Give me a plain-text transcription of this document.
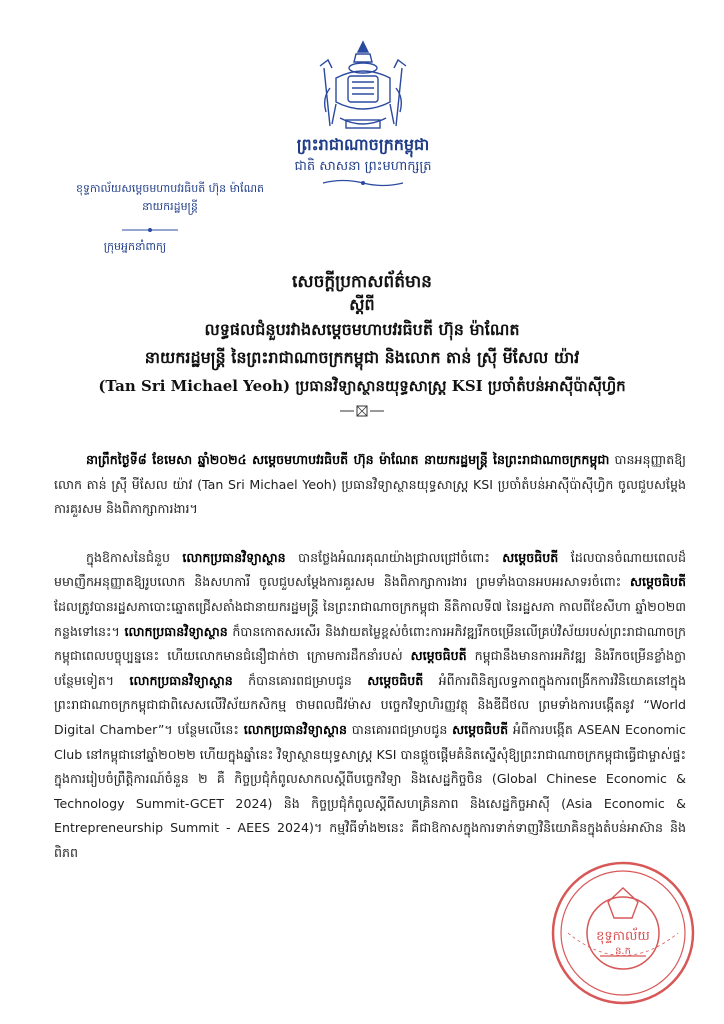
ព្រះរាជាណាចក្រកម្ពុជា
ជាតិ សាសនា ព្រះមហាក្សត្រ
ខុទ្ទកាល័យសម្តេចមហាបវរធិបតី ហ៊ុន ម៉ាណែត
នាយករដ្ឋមន្ត្រី
ក្រុមអ្នកនាំពាក្យ
សេចក្តីប្រកាសព័ត៌មាន
ស្តីពី
លទ្ធផលជំនួបរវាងសម្តេចមហាបវរធិបតី ហ៊ុន ម៉ាណែត
នាយករដ្ឋមន្ត្រី នៃព្រះរាជាណាចក្រកម្ពុជា និងលោក តាន់ ស្រ៊ី មីសែល យ៉ាវ
(Tan Sri Michael Yeoh) ប្រធានវិទ្យាស្ថានយុទ្ធសាស្ត្រ KSI ប្រចាំតំបន់អាស៊ីប៉ាស៊ីហ្វិក

នាព្រឹកថ្ងៃទី៨ ខែមេសា ឆ្នាំ២០២៤ សម្តេចមហាបវរធិបតី ហ៊ុន ម៉ាណែត នាយករដ្ឋមន្ត្រី នៃព្រះរាជាណាចក្រកម្ពុជា បានអនុញ្ញាតឱ្យ លោក តាន់ ស្រ៊ី មីសែល យ៉ាវ (Tan Sri Michael Yeoh) ប្រធានវិទ្យាស្ថានយុទ្ធសាស្ត្រ KSI ប្រចាំតំបន់អាស៊ីប៉ាស៊ីហ្វិក ចូលជួបសម្តែងការគួរសម និងពិភាក្សាការងារ។

ក្នុងឱកាសនៃជំនួប លោកប្រធានវិទ្យាស្ថាន បានថ្លែងអំណរគុណយ៉ាងជ្រាលជ្រៅចំពោះ សម្តេចធិបតី ដែលបានចំណាយពេលដ៏មមាញឹកអនុញ្ញាតឱ្យរូបលោក និងសហការី ចូលជួបសម្តែងការគួរសម និងពិភាក្សាការងារ ព្រមទាំងបានអបអរសាទរចំពោះ សម្តេចធិបតី ដែលត្រូវបានរដ្ឋសភាបោះឆ្នោតជ្រើសតាំងជានាយករដ្ឋមន្ត្រី នៃព្រះរាជាណាចក្រកម្ពុជា នីតិកាលទី៧ នៃរដ្ឋសភា កាលពីខែសីហា ឆ្នាំ២០២៣ កន្លងទៅនេះ។ លោកប្រធានវិទ្យាស្ថាន ក៏បានកោតសរសើរ និងវាយតម្លៃខ្ពស់ចំពោះការអភិវឌ្ឍរីកចម្រើនលើគ្រប់វិស័យរបស់ព្រះរាជាណាចក្រកម្ពុជាពេលបច្ចុប្បន្ននេះ ហើយលោកមានជំនឿជាក់ថា ក្រោមការដឹកនាំរបស់ សម្តេចធិបតី កម្ពុជានឹងមានការអភិវឌ្ឍ និងរីកចម្រើនខ្លាំងក្លាបន្ថែមទៀត។ លោកប្រធានវិទ្យាស្ថាន ក៏បានគោរពជម្រាបជូន សម្តេចធិបតី អំពីការពិនិត្យលទ្ធភាពក្នុងការពង្រីកការវិនិយោគនៅក្នុងព្រះរាជាណាចក្រកម្ពុជាជាពិសេសលើវិស័យកសិកម្ម ថាមពលជីវម៉ាស បច្ចេកវិទ្យាហិរញ្ញវត្ថុ និងឌីជីថល ព្រមទាំងការបង្កើតនូវ “World Digital Chamber”។ បន្ថែមលើនេះ លោកប្រធានវិទ្យាស្ថាន បានគោរពជម្រាបជូន សម្តេចធិបតី អំពីការបង្កើត ASEAN Economic Club នៅកម្ពុជានៅឆ្នាំ២០២២ ហើយក្នុងឆ្នាំនេះ វិទ្យាស្ថានយុទ្ធសាស្ត្រ KSI បានផ្តួចផ្តើមគំនិតស្នើសុំឱ្យព្រះរាជាណាចក្រកម្ពុជាធ្វើជាម្ចាស់ផ្ទះក្នុងការរៀបចំព្រឹត្តិការណ៍ចំនួន ២ គឺ កិច្ចប្រជុំកំពូលសាកលស្តីពីបច្ចេកវិទ្យា និងសេដ្ឋកិច្ចចិន (Global Chinese Economic & Technology Summit-GCET 2024) និង កិច្ចប្រជុំកំពូលស្តីពីសហគ្រិនភាព និងសេដ្ឋកិច្ចអាស៊ី (Asia Economic & Entrepreneurship Summit - AEES 2024)។ កម្មវិធីទាំង២នេះ គឺជាឱកាសក្នុងការទាក់ទាញវិនិយោគិនក្នុងតំបន់អាស៊ាន និងពិភព

ខុទ្ទកាល័យ
ន.ក
